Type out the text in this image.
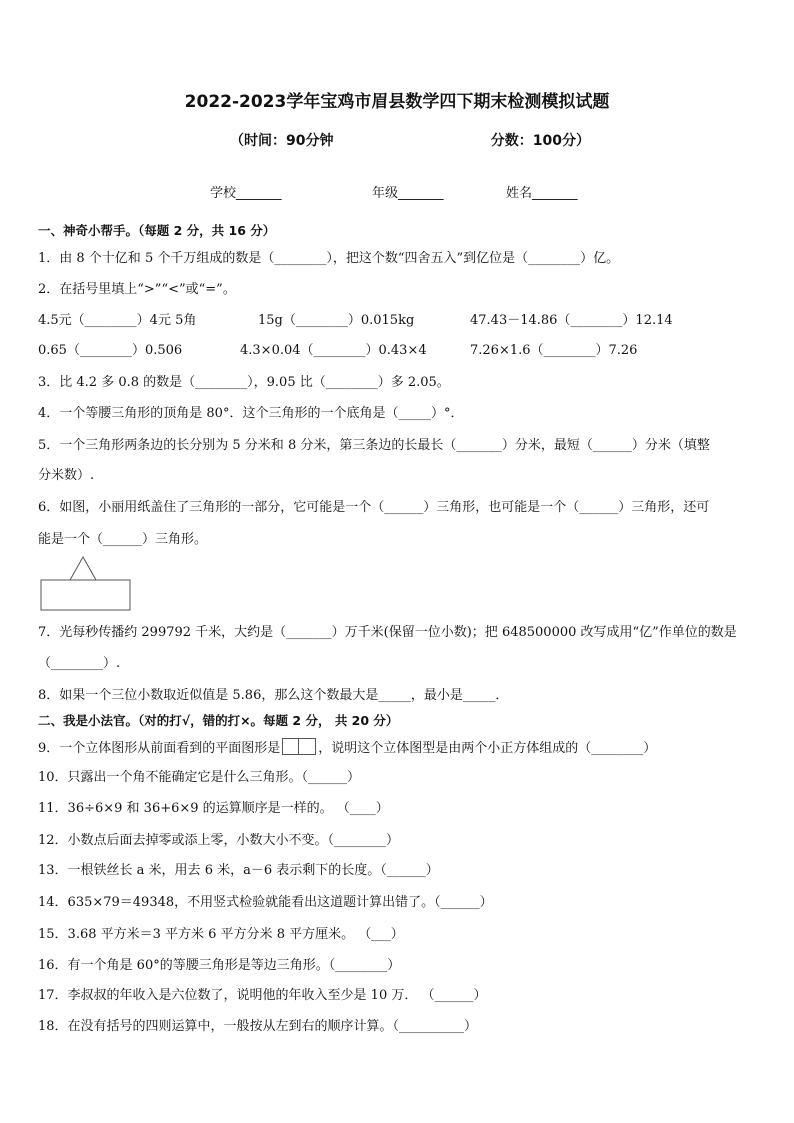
2022-2023学年宝鸡市眉县数学四下期末检测模拟试题
（时间：90分钟	分数：100分）
学校_______	年级_______	姓名_______
一、神奇小帮手。（每题 2 分，共 16 分）
1．由 8 个十亿和 5 个千万组成的数是（________），把这个数“四舍五入”到亿位是（________）亿。
2．在括号里填上“>”“<”或“=”。
4.5元（________）4元 5角	15g（________）0.015kg	47.43－14.86（________）12.14
0.65（________）0.506	4.3×0.04（________）0.43×4	7.26×1.6（________）7.26
3．比 4.2 多 0.8 的数是（________），9.05 比（________）多 2.05。
4．一个等腰三角形的顶角是 80°．这个三角形的一个底角是（_____）°．
5．一个三角形两条边的长分别为 5 分米和 8 分米，第三条边的长最长（_______）分米，最短（______）分米（填整
分米数）.
6．如图，小丽用纸盖住了三角形的一部分，它可能是一个（______）三角形，也可能是一个（______）三角形，还可
能是一个（______）三角形。
7．光每秒传播约 299792 千米，大约是（_______）万千米(保留一位小数)；把 648500000 改写成用“亿”作单位的数是
（________）.
8．如果一个三位小数取近似值是 5.86，那么这个数最大是_____，最小是_____．
二、我是小法官。（对的打√，错的打×。每题 2 分， 共 20 分）
9．一个立体图形从前面看到的平面图形是	，说明这个立体图型是由两个小正方体组成的（________）
10．只露出一个角不能确定它是什么三角形。（______）
11．36÷6×9 和 36+6×9 的运算顺序是一样的。 （____）
12．小数点后面去掉零或添上零，小数大小不变。（________）
13．一根铁丝长 a 米，用去 6 米，a－6 表示剩下的长度。（______）
14．635×79＝49348，不用竖式检验就能看出这道题计算出错了。（______）
15．3.68 平方米＝3 平方米 6 平方分米 8 平方厘米。 （___）
16．有一个角是 60°的等腰三角形是等边三角形。（________）
17．李叔叔的年收入是六位数了，说明他的年收入至少是 10 万． （______）
18．在没有括号的四则运算中，一般按从左到右的顺序计算。（__________）
